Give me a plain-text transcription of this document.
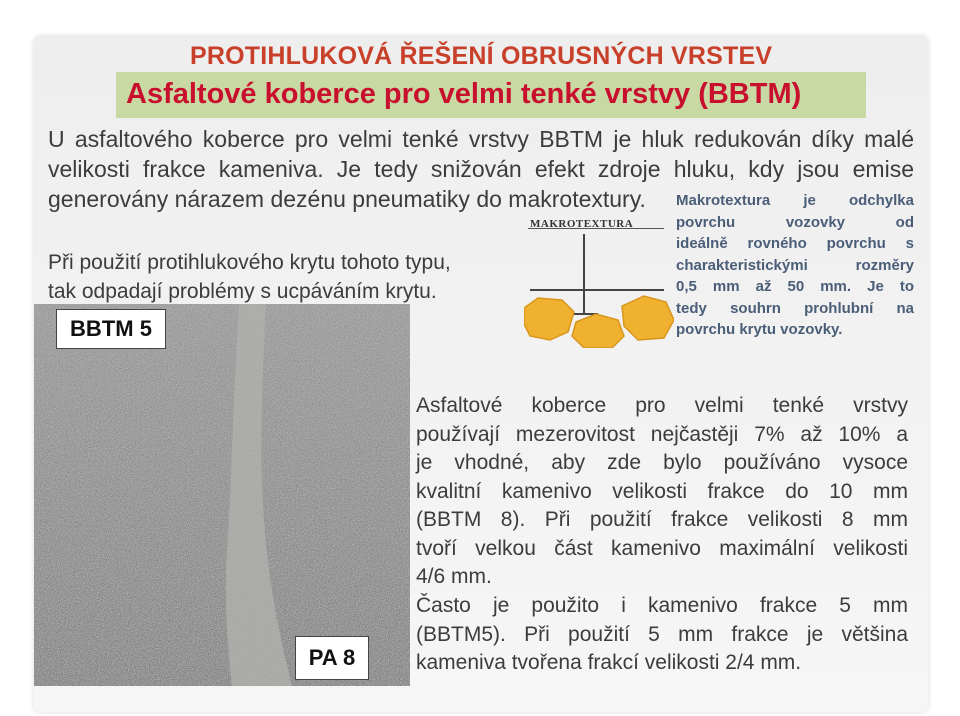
PROTIHLUKOVÁ ŘEŠENÍ OBRUSNÝCH VRSTEV
Asfaltové koberce pro velmi tenké vrstvy (BBTM)
U asfaltového koberce pro velmi tenké vrstvy BBTM je hluk redukován díky malé
velikosti frakce kameniva. Je tedy snižován efekt zdroje hluku, kdy jsou emise
generovány nárazem dezénu pneumatiky do makrotextury.
Při použití protihlukového krytu tohoto typu,
tak odpadají problémy s ucpáváním krytu.
BBTM 5
PA 8
MAKROTEXTURA
Makrotextura je odchylka
povrchu vozovky od
ideálně rovného povrchu s
charakteristickými rozměry
0,5 mm až 50 mm. Je to
tedy souhrn prohlubní na
povrchu krytu vozovky.
Asfaltové koberce pro velmi tenké vrstvy
používají mezerovitost nejčastěji 7% až 10% a
je vhodné, aby zde bylo používáno vysoce
kvalitní kamenivo velikosti frakce do 10 mm
(BBTM 8). Při použití frakce velikosti 8 mm
tvoří velkou část kamenivo maximální velikosti
4/6 mm.
Často je použito i kamenivo frakce 5 mm
(BBTM5). Při použití 5 mm frakce je většina
kameniva tvořena frakcí velikosti 2/4 mm.
